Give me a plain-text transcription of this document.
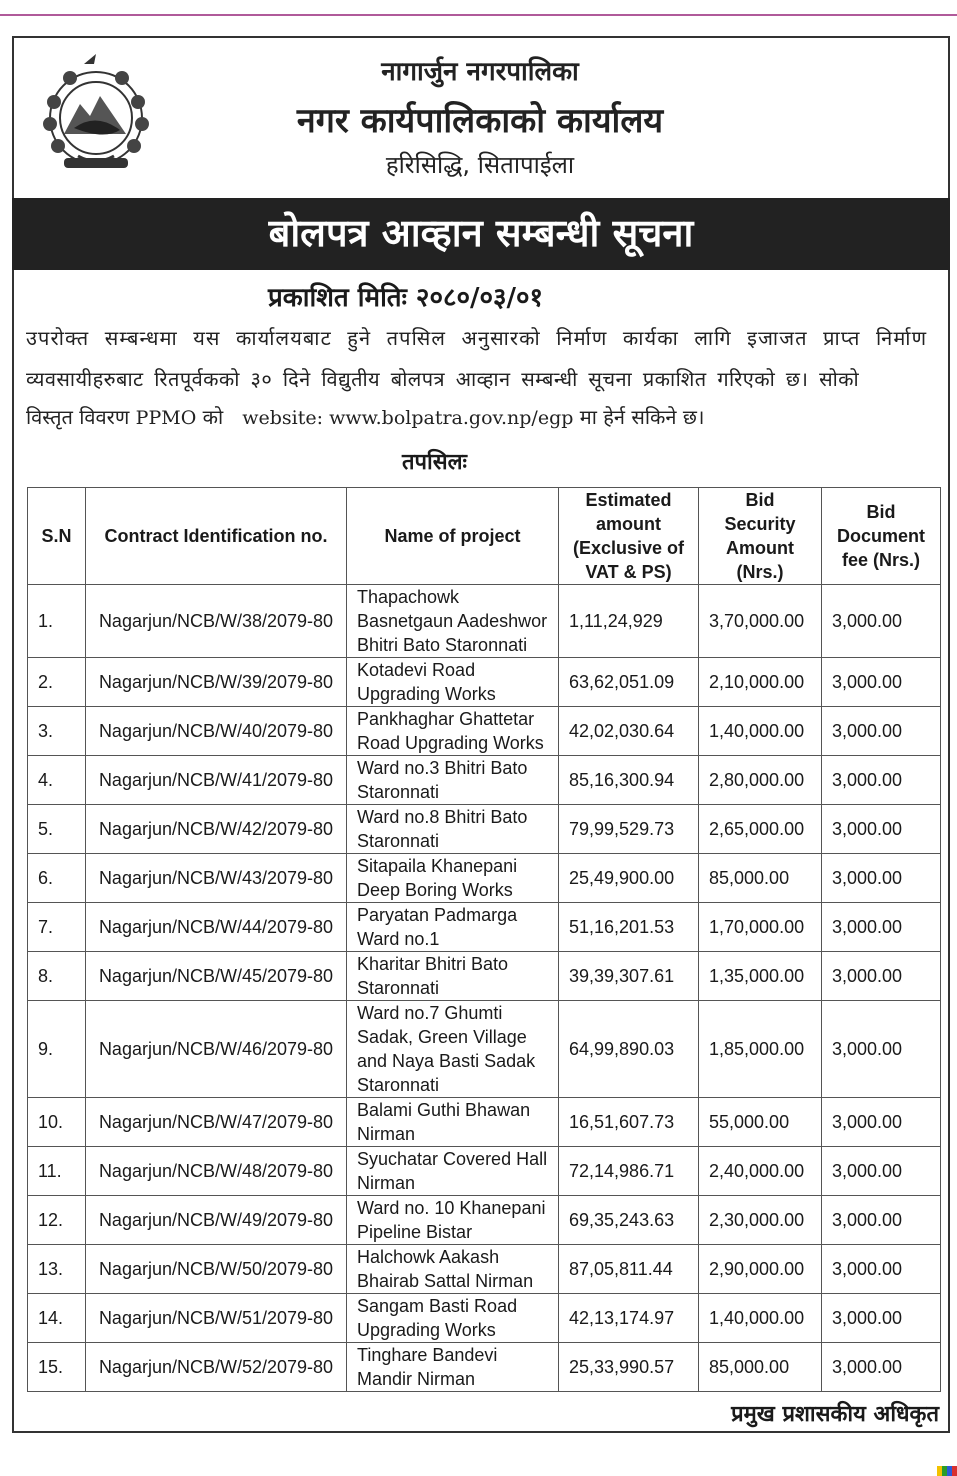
नागार्जुन नगरपालिका
नगर कार्यपालिकाको कार्यालय
हरिसिद्धि, सितापाईला
बोलपत्र आव्हान सम्बन्धी सूचना
प्रकाशित मितिः २०८०/०३/०१
उपरोक्त सम्बन्धमा यस कार्यालयबाट हुने तपसिल अनुसारको निर्माण कार्यका लागि इजाजत प्राप्त निर्माण
व्यवसायीहरुबाट रितपूर्वकको ३० दिने विद्युतीय बोलपत्र आव्हान सम्बन्धी सूचना प्रकाशित गरिएको छ। सोको
विस्तृत विवरण PPMO को website: www.bolpatra.gov.np/egp मा हेर्न सकिने छ।
तपसिलः
S.N	Contract Identification no.	Name of project	Estimated amount (Exclusive of VAT & PS)	Bid Security Amount (Nrs.)	Bid Document fee (Nrs.)
1.	Nagarjun/NCB/W/38/2079-80	Thapachowk Basnetgaun Aadeshwor Bhitri Bato Staronnati	1,11,24,929	3,70,000.00	3,000.00
2.	Nagarjun/NCB/W/39/2079-80	Kotadevi Road Upgrading Works	63,62,051.09	2,10,000.00	3,000.00
3.	Nagarjun/NCB/W/40/2079-80	Pankhaghar Ghattetar Road Upgrading Works	42,02,030.64	1,40,000.00	3,000.00
4.	Nagarjun/NCB/W/41/2079-80	Ward no.3 Bhitri Bato Staronnati	85,16,300.94	2,80,000.00	3,000.00
5.	Nagarjun/NCB/W/42/2079-80	Ward no.8 Bhitri Bato Staronnati	79,99,529.73	2,65,000.00	3,000.00
6.	Nagarjun/NCB/W/43/2079-80	Sitapaila Khanepani Deep Boring Works	25,49,900.00	85,000.00	3,000.00
7.	Nagarjun/NCB/W/44/2079-80	Paryatan Padmarga Ward no.1	51,16,201.53	1,70,000.00	3,000.00
8.	Nagarjun/NCB/W/45/2079-80	Kharitar Bhitri Bato Staronnati	39,39,307.61	1,35,000.00	3,000.00
9.	Nagarjun/NCB/W/46/2079-80	Ward no.7 Ghumti Sadak, Green Village and Naya Basti Sadak Staronnati	64,99,890.03	1,85,000.00	3,000.00
10.	Nagarjun/NCB/W/47/2079-80	Balami Guthi Bhawan Nirman	16,51,607.73	55,000.00	3,000.00
11.	Nagarjun/NCB/W/48/2079-80	Syuchatar Covered Hall Nirman	72,14,986.71	2,40,000.00	3,000.00
12.	Nagarjun/NCB/W/49/2079-80	Ward no. 10 Khanepani Pipeline Bistar	69,35,243.63	2,30,000.00	3,000.00
13.	Nagarjun/NCB/W/50/2079-80	Halchowk Aakash Bhairab Sattal Nirman	87,05,811.44	2,90,000.00	3,000.00
14.	Nagarjun/NCB/W/51/2079-80	Sangam Basti Road Upgrading Works	42,13,174.97	1,40,000.00	3,000.00
15.	Nagarjun/NCB/W/52/2079-80	Tinghare Bandevi Mandir Nirman	25,33,990.57	85,000.00	3,000.00
प्रमुख प्रशासकीय अधिकृत
